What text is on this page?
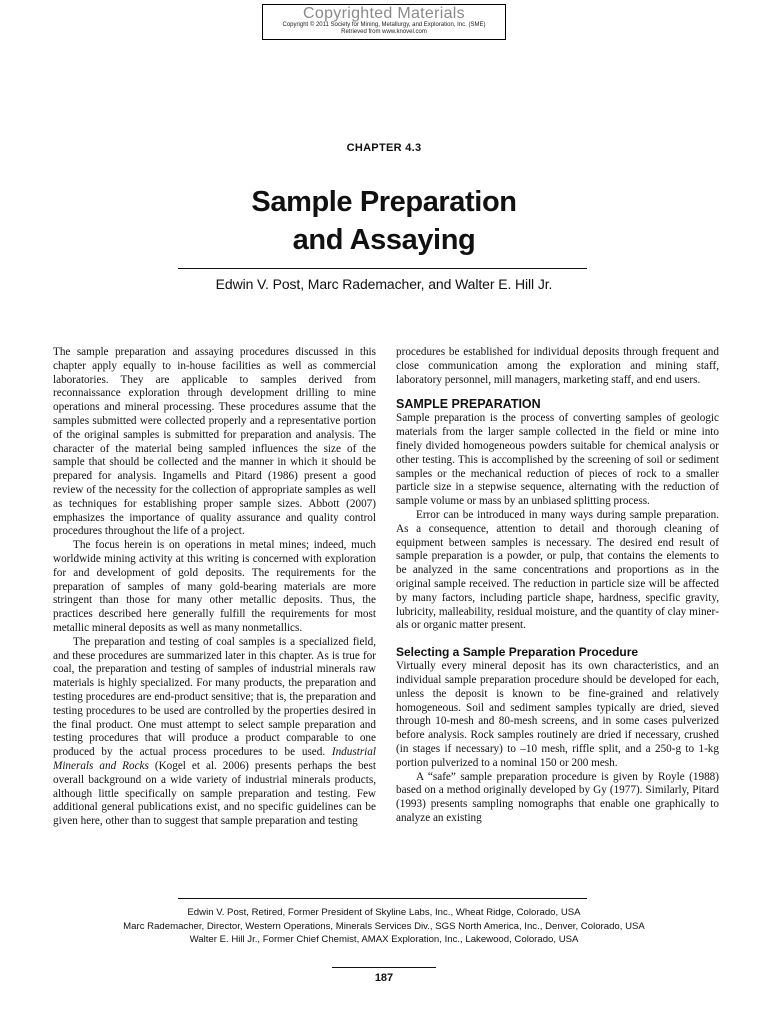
Copyrighted Materials
Copyright © 2011 Society for Mining, Metallurgy, and Exploration, Inc. (SME)
Retrieved from www.knovel.com
CHAPTER 4.3
Sample Preparation
and Assaying
Edwin V. Post, Marc Rademacher, and Walter E. Hill Jr.

The sample preparation and assaying procedures discussed in this chapter apply equally to in-house facilities as well as commercial laboratories. They are applicable to samples derived from reconnaissance exploration through development drilling to mine operations and mineral processing. These procedures assume that the samples submitted were collected properly and a representative portion of the original samples is submitted for preparation and analysis. The character of the material being sampled influences the size of the sample that should be collected and the manner in which it should be prepared for analysis. Ingamells and Pitard (1986) present a good review of the necessity for the collection of appropriate samples as well as techniques for establishing proper sample sizes. Abbott (2007) emphasizes the importance of quality assurance and quality control procedures throughout the life of a project.

The focus herein is on operations in metal mines; indeed, much worldwide mining activity at this writing is concerned with exploration for and development of gold deposits. The requirements for the preparation of samples of many gold-bearing materials are more stringent than those for many other metallic deposits. Thus, the practices described here generally fulfill the requirements for most metallic mineral deposits as well as many nonmetallics.

The preparation and testing of coal samples is a specialized field, and these procedures are summarized later in this chapter. As is true for coal, the preparation and testing of samples of industrial minerals raw materials is highly specialized. For many products, the preparation and testing procedures are end-product sensitive; that is, the preparation and testing procedures to be used are controlled by the properties desired in the final product. One must attempt to select sample preparation and testing procedures that will produce a product comparable to one produced by the actual process procedures to be used. Industrial Minerals and Rocks (Kogel et al. 2006) presents perhaps the best overall background on a wide variety of industrial minerals products, although little specifically on sample preparation and testing. Few additional general publications exist, and no specific guidelines can be given here, other than to suggest that sample preparation and testing

procedures be established for individual deposits through frequent and close communication among the exploration and mining staff, laboratory personnel, mill managers, marketing staff, and end users.

SAMPLE PREPARATION

Sample preparation is the process of converting samples of geologic materials from the larger sample collected in the field or mine into finely divided homogeneous powders suitable for chemical analysis or other testing. This is accomplished by the screening of soil or sediment samples or the mechanical reduction of pieces of rock to a smaller particle size in a stepwise sequence, alternating with the reduction of sample volume or mass by an unbiased splitting process.

Error can be introduced in many ways during sample preparation. As a consequence, attention to detail and thorough cleaning of equipment between samples is necessary. The desired end result of sample preparation is a powder, or pulp, that contains the elements to be analyzed in the same concentrations and proportions as in the original sample received. The reduction in particle size will be affected by many factors, including particle shape, hardness, specific gravity, lubricity, malleability, residual moisture, and the quantity of clay minerals or organic matter present.

Selecting a Sample Preparation Procedure

Virtually every mineral deposit has its own characteristics, and an individual sample preparation procedure should be developed for each, unless the deposit is known to be fine-grained and relatively homogeneous. Soil and sediment samples typically are dried, sieved through 10-mesh and 80-mesh screens, and in some cases pulverized before analysis. Rock samples routinely are dried if necessary, crushed (in stages if necessary) to –10 mesh, riffle split, and a 250-g to 1-kg portion pulverized to a nominal 150 or 200 mesh.

A “safe” sample preparation procedure is given by Royle (1988) based on a method originally developed by Gy (1977). Similarly, Pitard (1993) presents sampling nomographs that enable one graphically to analyze an existing

Edwin V. Post, Retired, Former President of Skyline Labs, Inc., Wheat Ridge, Colorado, USA
Marc Rademacher, Director, Western Operations, Minerals Services Div., SGS North America, Inc., Denver, Colorado, USA
Walter E. Hill Jr., Former Chief Chemist, AMAX Exploration, Inc., Lakewood, Colorado, USA
187
